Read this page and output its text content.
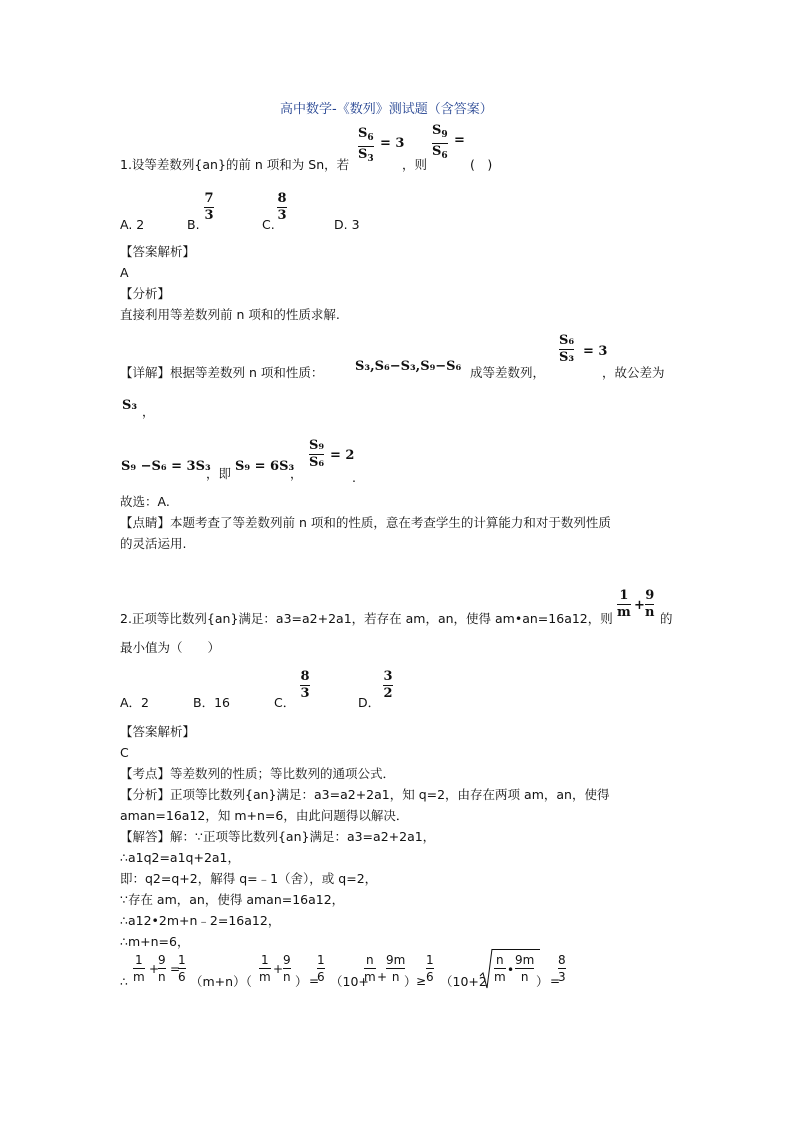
高中数学-《数列》测试题（含答案）
1.设等差数列{an}的前 n 项和为 Sn，若
$S_6$
$S_3$
= 3
，则
$S_9$
$S_6$
=
(　)
A. 2	B.
7
3
C.
8
3
D. 3
【答案解析】
A
【分析】
直接利用等差数列前 n 项和的性质求解.
【详解】根据等差数列 n 项和性质： S₃,S₆−S₃,S₉−S₆ 成等差数列，
S₆
S₃ = 3
，故公差为
S₃ ，
S₉ −S₆ = 3S₃
，即 S₉ = 6S₃
，
S₉
S₆ = 2
.
故选：A.
【点睛】本题考查了等差数列前 n 项和的性质，意在考查学生的计算能力和对于数列性质
的灵活运用.
2.正项等比数列{an}满足：a3=a2+2a1，若存在 am，an，使得 am•an=16a12，则
1
m +
9
n 的
最小值为（　　）
A．2	B．16	C．
8
3
D．
3
2
【答案解析】
C
【考点】等差数列的性质；等比数列的通项公式．
【分析】正项等比数列{an}满足：a3=a2+2a1，知 q=2，由存在两项 am，an，使得
aman=16a12，知 m+n=6，由此问题得以解决．
【解答】解：∵正项等比数列{an}满足：a3=a2+2a1，
∴a1q2=a1q+2a1，
即：q2=q+2，解得 q=﹣1（舍），或 q=2，
∵存在 am，an，使得 aman=16a12，
∴a12•2m+n﹣2=16a12，
∴m+n=6，
∴
1
m
+
9
n
=
1
6 （m+n）（
1
m
+
9
n ） =
1
6 （10+
n
m +
9m
n ） ≥
1
6 （10+2
n
m •
9m
n ） =
8
3
